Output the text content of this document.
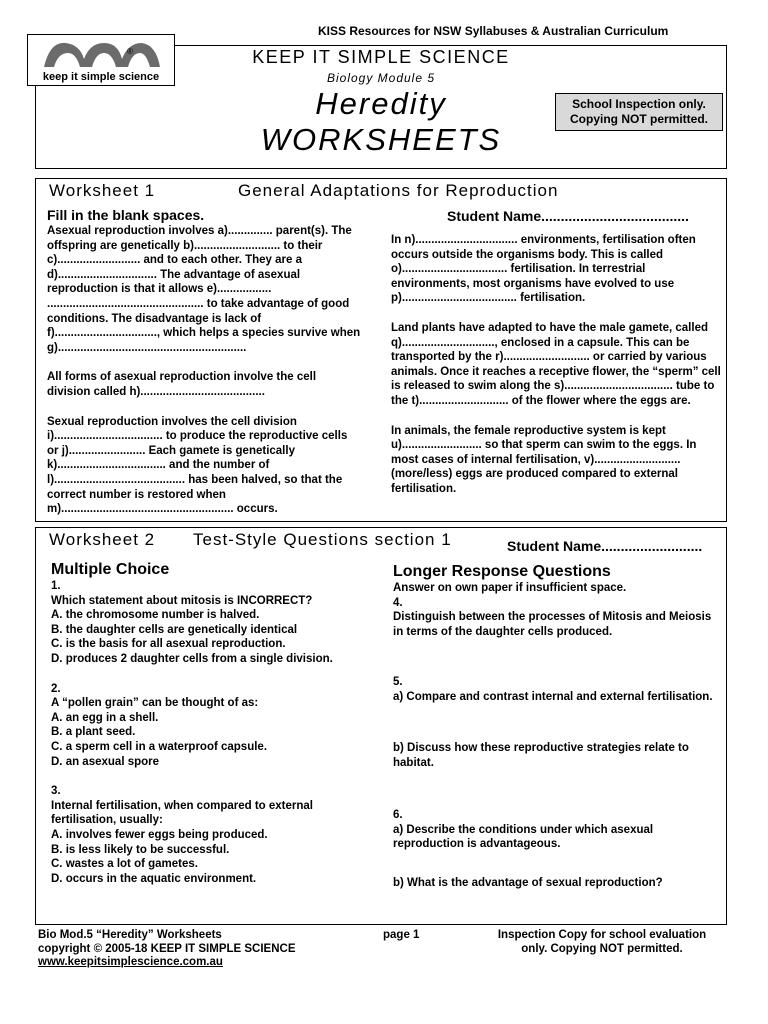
KISS Resources for NSW Syllabuses & Australian Curriculum
®
keep it simple science
KEEP IT SIMPLE SCIENCE
Biology Module 5
Heredity
WORKSHEETS
School Inspection only.
Copying NOT permitted.
Worksheet 1	General Adaptations for Reproduction
Fill in the blank spaces.	Student Name......................................

Asexual reproduction involves a).............. parent(s). The offspring are genetically b)........................... to their c).......................... and to each other. They are a d)............................... The advantage of asexual reproduction is that it allows e)................. ................................................. to take advantage of good conditions. The disadvantage is lack of f)................................, which helps a species survive when g)...........................................................

All forms of asexual reproduction involve the cell division called h).......................................

Sexual reproduction involves the cell division i).................................. to produce the reproductive cells or j)........................ Each gamete is genetically k).................................. and the number of l)......................................... has been halved, so that the correct number is restored when m)...................................................... occurs.

In n)................................ environments, fertilisation often occurs outside the organisms body. This is called o)................................. fertilisation. In terrestrial environments, most organisms have evolved to use p).................................... fertilisation.

Land plants have adapted to have the male gamete, called q)............................., enclosed in a capsule. This can be transported by the r)........................... or carried by various animals. Once it reaches a receptive flower, the “sperm” cell is released to swim along the s).................................. tube to the t)............................ of the flower where the eggs are.

In animals, the female reproductive system is kept u)......................... so that sperm can swim to the eggs. In most cases of internal fertilisation, v)........................... (more/less) eggs are produced compared to external fertilisation.

Worksheet 2 Test-Style Questions section 1	Student Name..........................
Multiple Choice

1.

Which statement about mitosis is INCORRECT?

A. the chromosome number is halved.

B. the daughter cells are genetically identical

C. is the basis for all asexual reproduction.

D. produces 2 daughter cells from a single division.

2.

A “pollen grain” can be thought of as:

A. an egg in a shell.

B. a plant seed.

C. a sperm cell in a waterproof capsule.

D. an asexual spore

3.

Internal fertilisation, when compared to external fertilisation, usually:

A. involves fewer eggs being produced.

B. is less likely to be successful.

C. wastes a lot of gametes.

D. occurs in the aquatic environment.

Longer Response Questions

Answer on own paper if insufficient space.

4.

Distinguish between the processes of Mitosis and Meiosis in terms of the daughter cells produced.

5.

a) Compare and contrast internal and external fertilisation.

b) Discuss how these reproductive strategies relate to habitat.

6.

a) Describe the conditions under which asexual reproduction is advantageous.

b) What is the advantage of sexual reproduction?

Bio Mod.5 “Heredity” Worksheets
copyright © 2005-18 KEEP IT SIMPLE SCIENCE
www.keepitsimplescience.com.au
page 1	Inspection Copy for school evaluation
only. Copying NOT permitted.
